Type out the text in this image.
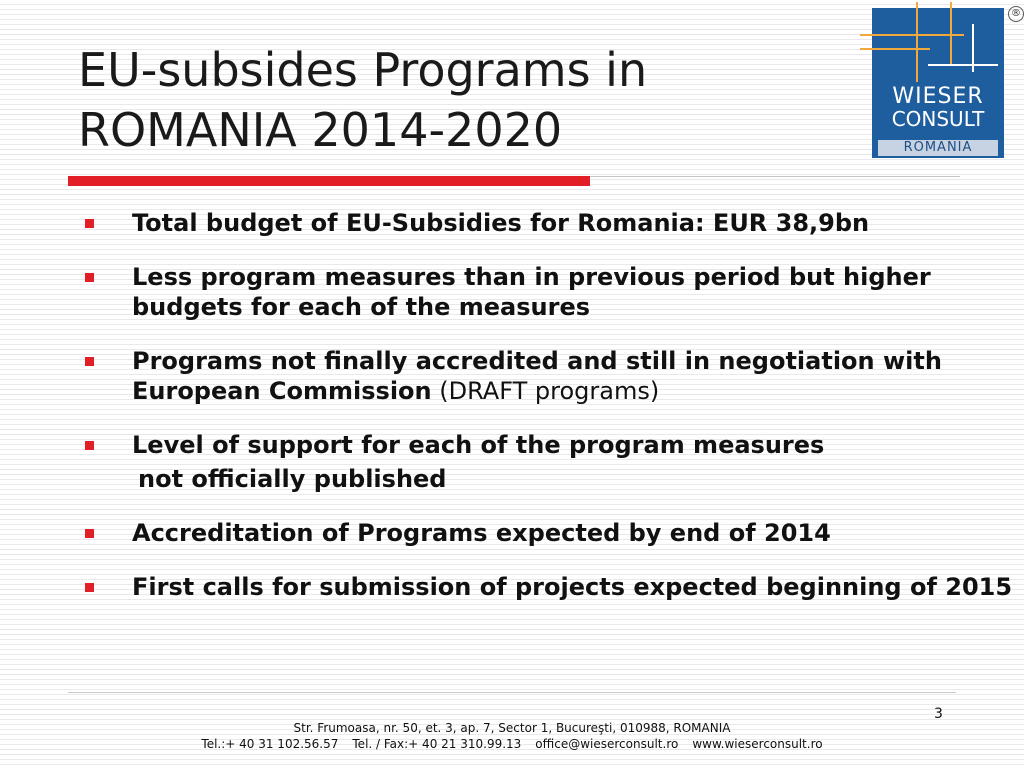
EU-subsides Programs in
ROMANIA 2014-2020
WIESER
CONSULT
ROMANIA
®
Total budget of EU-Subsidies for Romania: EUR 38,9bn
Less program measures than in previous period but higher budgets for each of the measures
Programs not finally accredited and still in negotiation with European Commission (DRAFT programs)
Level of support for each of the program measures
not officially published
Accreditation of Programs expected by end of 2014
First calls for submission of projects expected beginning of 2015
3
Str. Frumoasa, nr. 50, et. 3, ap. 7, Sector 1, Bucureşti, 010988, ROMANIA
Tel.:+ 40 31 102.56.57 Tel. / Fax:+ 40 21 310.99.13 office@wieserconsult.ro www.wieserconsult.ro
